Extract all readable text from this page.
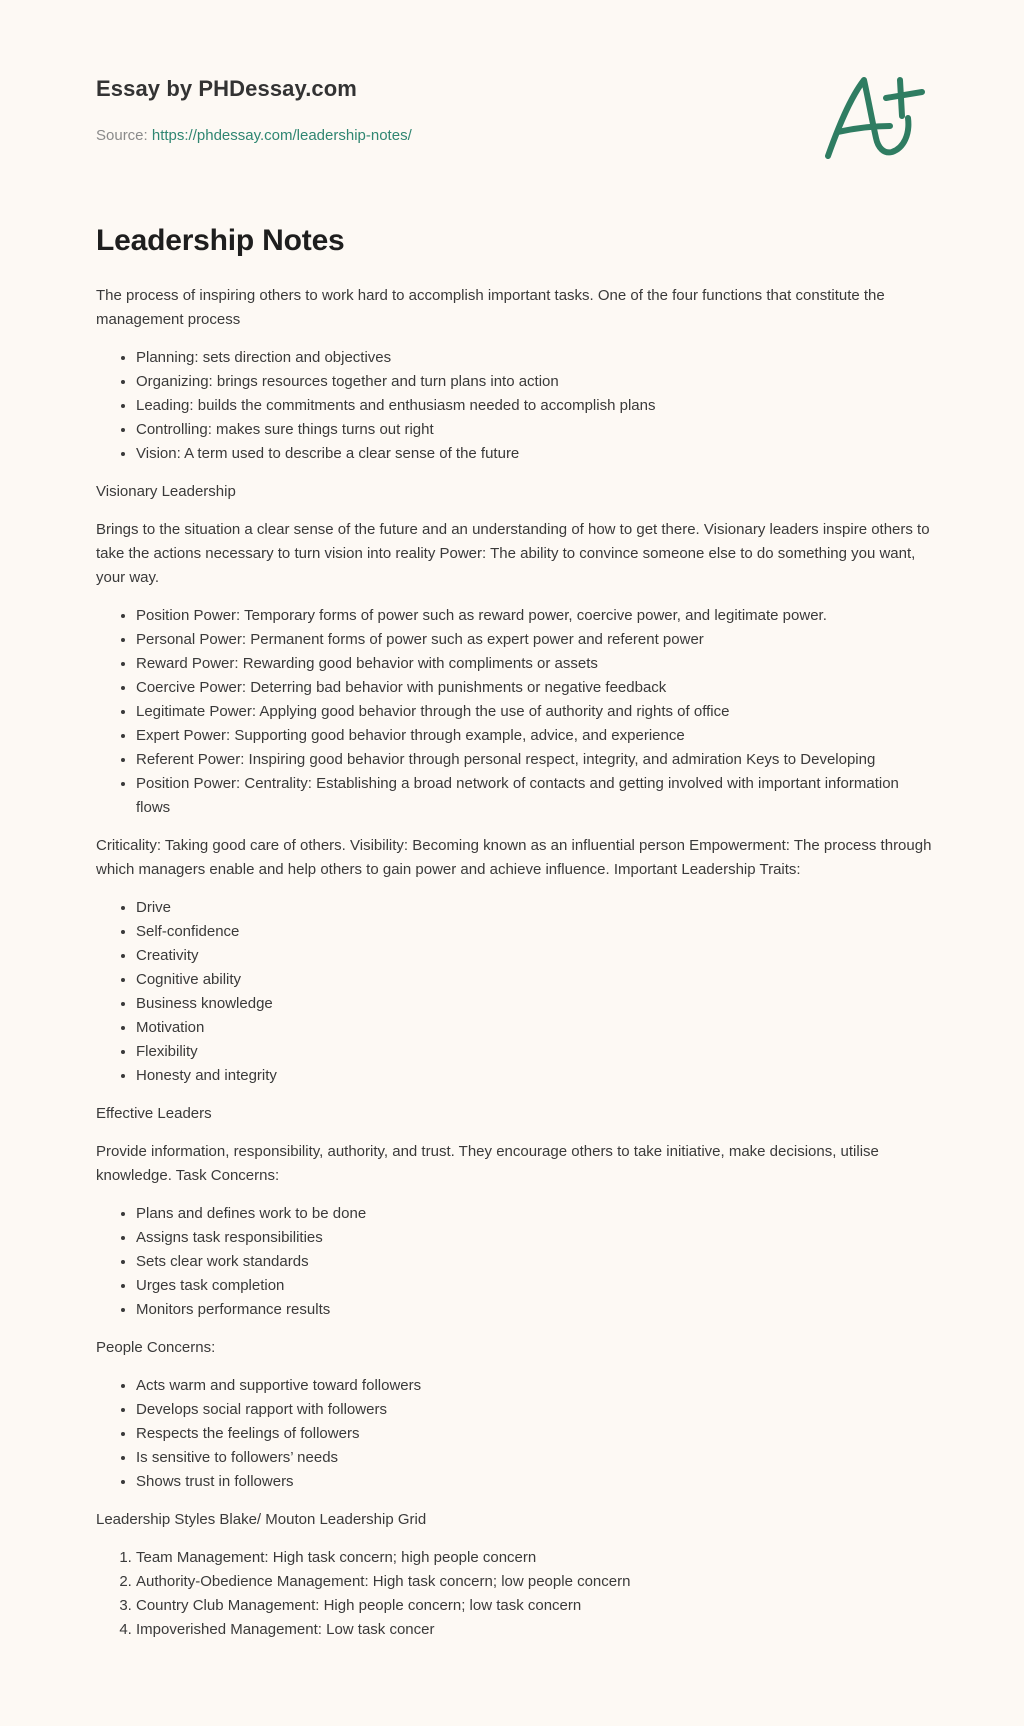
Essay by PHDessay.com

Source: https://phdessay.com/leadership-notes/

Leadership Notes

The process of inspiring others to work hard to accomplish important tasks. One of the four functions that constitute the management process

• Planning: sets direction and objectives
• Organizing: brings resources together and turn plans into action
• Leading: builds the commitments and enthusiasm needed to accomplish plans
• Controlling: makes sure things turns out right
• Vision: A term used to describe a clear sense of the future

Visionary Leadership

Brings to the situation a clear sense of the future and an understanding of how to get there. Visionary leaders inspire others to take the actions necessary to turn vision into reality Power: The ability to convince someone else to do something you want, your way.

• Position Power: Temporary forms of power such as reward power, coercive power, and legitimate power.
• Personal Power: Permanent forms of power such as expert power and referent power
• Reward Power: Rewarding good behavior with compliments or assets
• Coercive Power: Deterring bad behavior with punishments or negative feedback
• Legitimate Power: Applying good behavior through the use of authority and rights of office
• Expert Power: Supporting good behavior through example, advice, and experience
• Referent Power: Inspiring good behavior through personal respect, integrity, and admiration Keys to Developing
• Position Power: Centrality: Establishing a broad network of contacts and getting involved with important information flows

Criticality: Taking good care of others. Visibility: Becoming known as an influential person Empowerment: The process through which managers enable and help others to gain power and achieve influence. Important Leadership Traits:

• Drive
• Self-confidence
• Creativity
• Cognitive ability
• Business knowledge
• Motivation
• Flexibility
• Honesty and integrity

Effective Leaders

Provide information, responsibility, authority, and trust. They encourage others to take initiative, make decisions, utilise knowledge. Task Concerns:

• Plans and defines work to be done
• Assigns task responsibilities
• Sets clear work standards
• Urges task completion
• Monitors performance results

People Concerns:

• Acts warm and supportive toward followers
• Develops social rapport with followers
• Respects the feelings of followers
• Is sensitive to followers’ needs
• Shows trust in followers

Leadership Styles Blake/ Mouton Leadership Grid

1. Team Management: High task concern; high people concern
2. Authority-Obedience Management: High task concern; low people concern
3. Country Club Management: High people concern; low task concern
4. Impoverished Management: Low task concer
